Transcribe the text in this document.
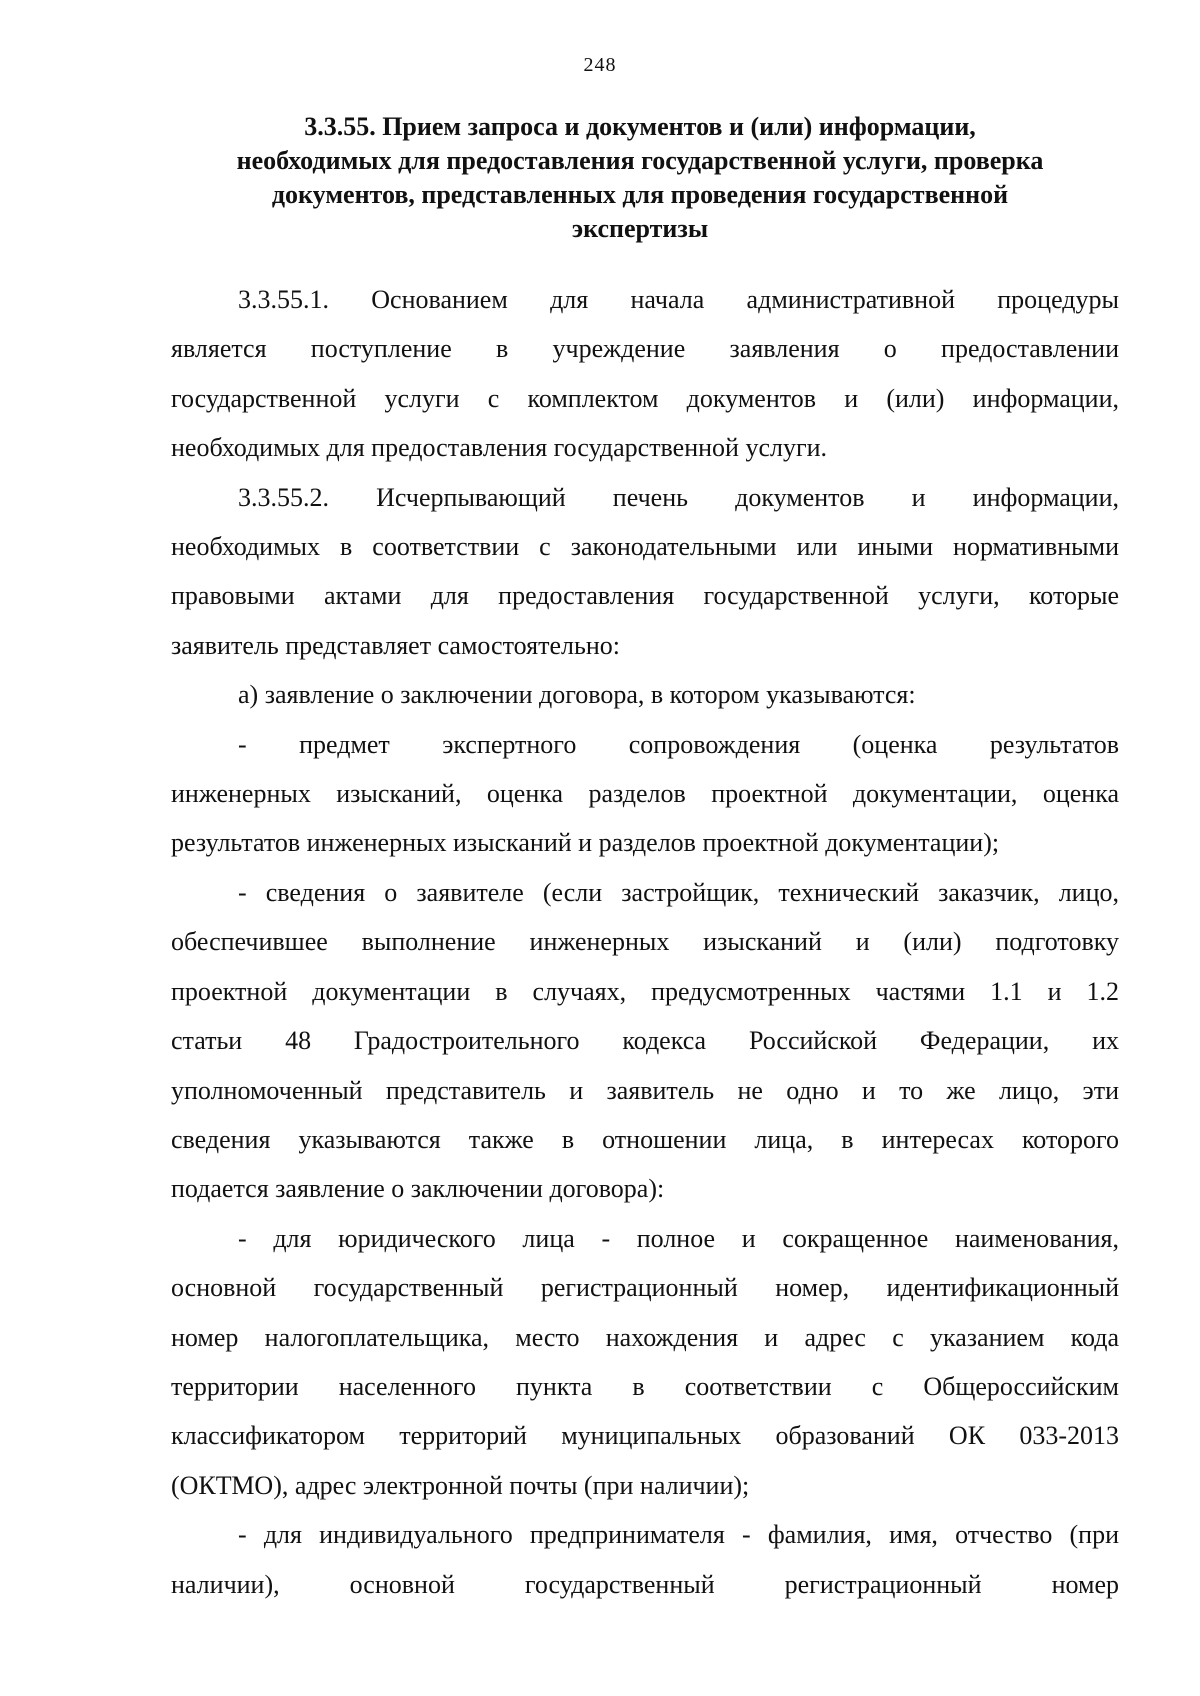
248
3.3.55. Прием запроса и документов и (или) информации,
необходимых для предоставления государственной услуги, проверка
документов, представленных для проведения государственной
экспертизы
3.3.55.1. Основанием для начала административной процедуры
является поступление в учреждение заявления о предоставлении
государственной услуги с комплектом документов и (или) информации,
необходимых для предоставления государственной услуги.
3.3.55.2. Исчерпывающий печень документов и информации,
необходимых в соответствии с законодательными или иными нормативными
правовыми актами для предоставления государственной услуги, которые
заявитель представляет самостоятельно:
а) заявление о заключении договора, в котором указываются:
- предмет экспертного сопровождения (оценка результатов
инженерных изысканий, оценка разделов проектной документации, оценка
результатов инженерных изысканий и разделов проектной документации);
- сведения о заявителе (если застройщик, технический заказчик, лицо,
обеспечившее выполнение инженерных изысканий и (или) подготовку
проектной документации в случаях, предусмотренных частями 1.1 и 1.2
статьи 48 Градостроительного кодекса Российской Федерации, их
уполномоченный представитель и заявитель не одно и то же лицо, эти
сведения указываются также в отношении лица, в интересах которого
подается заявление о заключении договора):
- для юридического лица - полное и сокращенное наименования,
основной государственный регистрационный номер, идентификационный
номер налогоплательщика, место нахождения и адрес с указанием кода
территории населенного пункта в соответствии с Общероссийским
классификатором территорий муниципальных образований ОК 033-2013
(ОКТМО), адрес электронной почты (при наличии);
- для индивидуального предпринимателя - фамилия, имя, отчество (при
наличии), основной государственный регистрационный номер
